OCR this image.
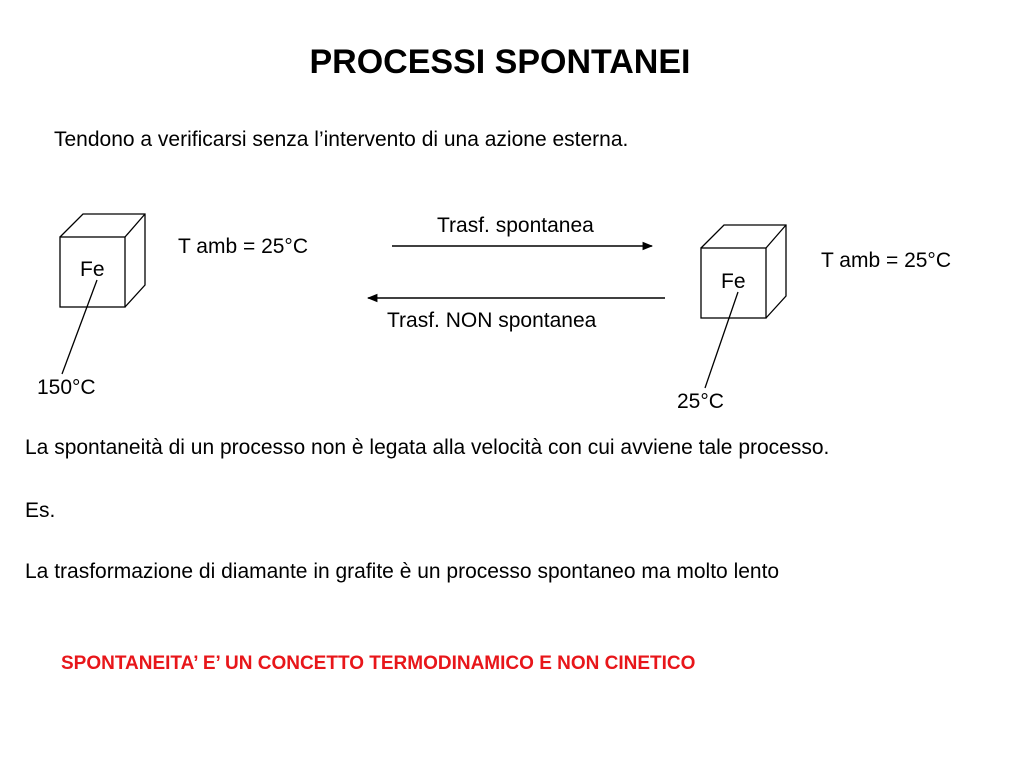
PROCESSI SPONTANEI
Tendono a verificarsi senza l’intervento di una azione esterna.
Fe
T amb = 25°C
150°C
Trasf. spontanea
Trasf. NON spontanea
Fe
T amb = 25°C
25°C
La spontaneità di un processo non è legata alla velocità con cui avviene tale processo.
Es.
La trasformazione di diamante in grafite è un processo spontaneo ma molto lento
SPONTANEITA’ E’ UN CONCETTO TERMODINAMICO E NON CINETICO
